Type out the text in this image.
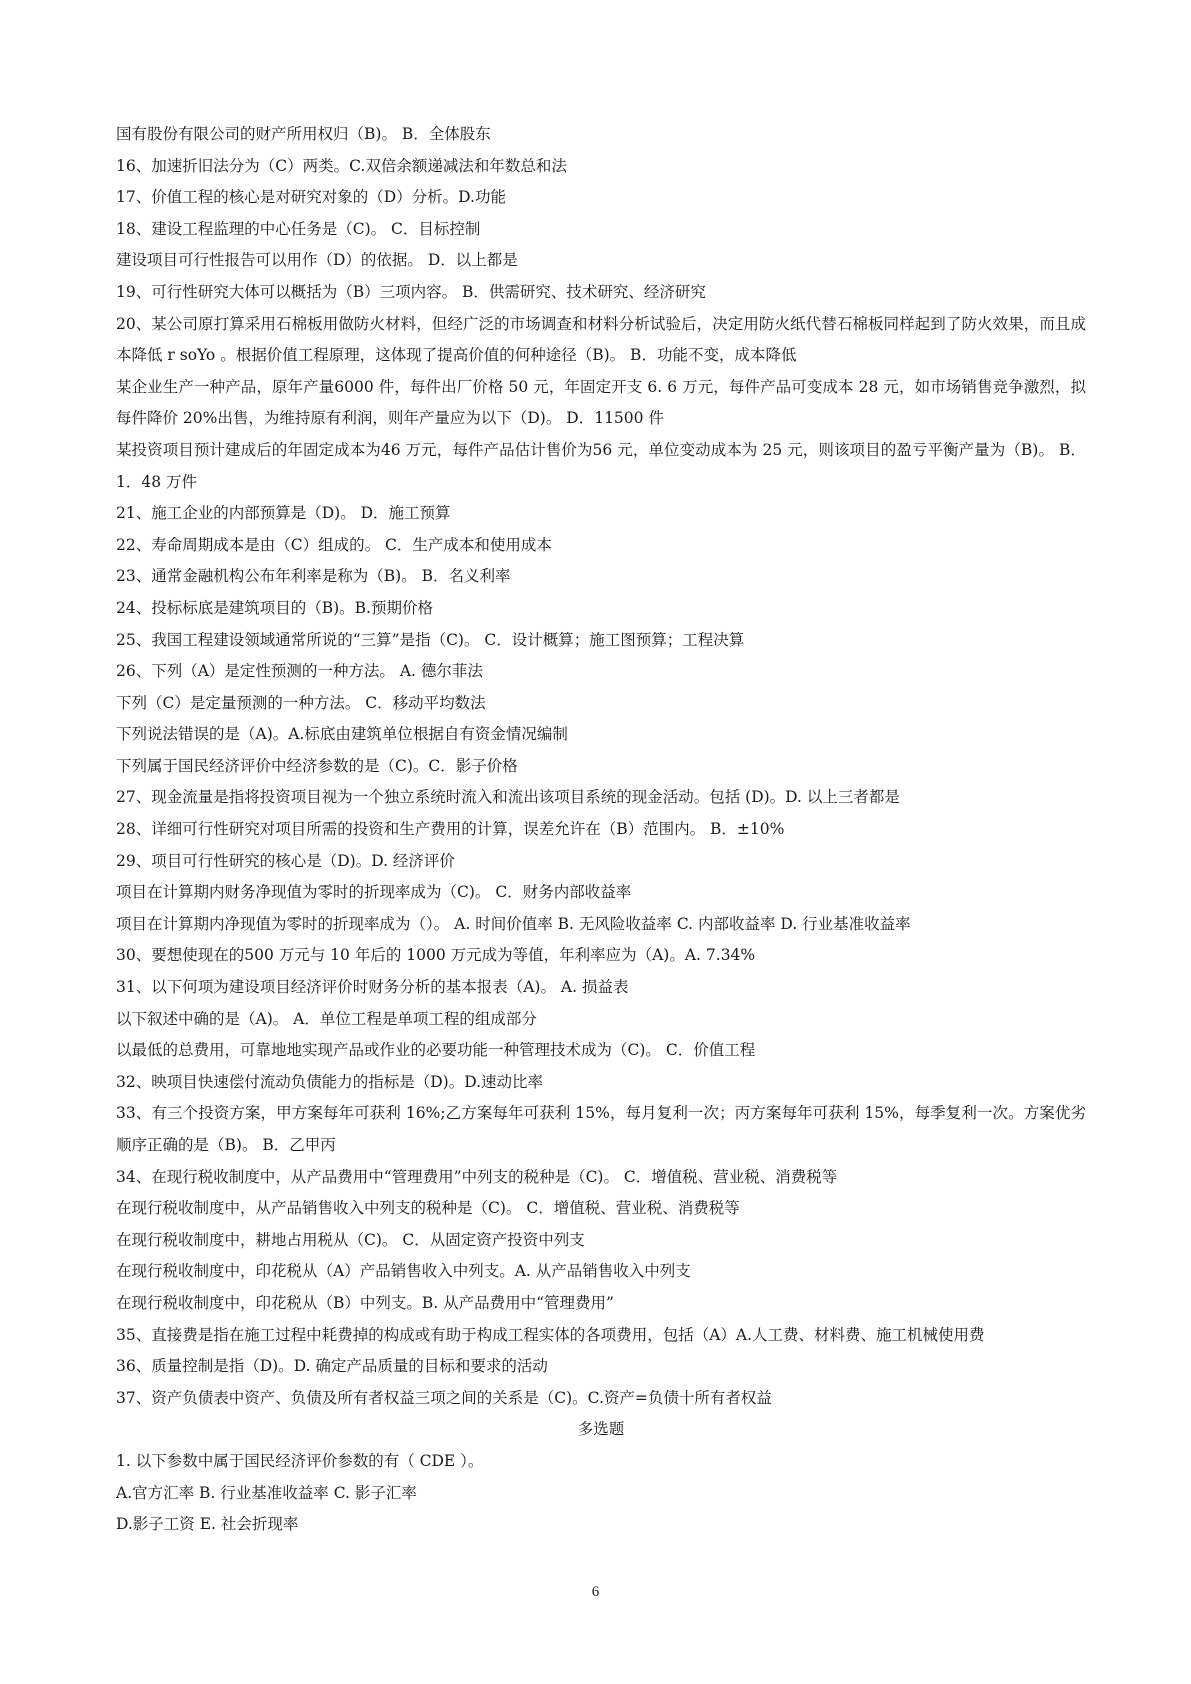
国有股份有限公司的财产所用权归（B)。 B．全体股东
16、加速折旧法分为（C）两类。C.双倍余额递减法和年数总和法
17、价值工程的核心是对研究对象的（D）分析。D.功能
18、建设工程监理的中心任务是（C)。 C．目标控制
建设项目可行性报告可以用作（D）的依据。 D．以上都是
19、可行性研究大体可以概括为（B）三项内容。 B．供需研究、技术研究、经济研究
20、某公司原打算采用石棉板用做防火材料，但经广泛的市场调查和材料分析试验后，决定用防火纸代替石棉板同样起到了防火效果，而且成本降低 r soYo 。根据价值工程原理，这体现了提高价值的何种途径（B)。 B．功能不变，成本降低
某企业生产一种产品，原年产量6000 件，每件出厂价格 50 元，年固定开支 6. 6 万元，每件产品可变成本 28 元，如市场销售竞争激烈，拟每件降价 20%出售，为维持原有利润，则年产量应为以下（D)。 D．11500 件
某投资项目预计建成后的年固定成本为46 万元，每件产品估计售价为56 元，单位变动成本为 25 元，则该项目的盈亏平衡产量为（B)。 B．1．48 万件
21、施工企业的内部预算是（D)。 D．施工预算
22、寿命周期成本是由（C）组成的。 C．生产成本和使用成本
23、通常金融机构公布年利率是称为（B)。 B．名义利率
24、投标标底是建筑项目的（B)。B.预期价格
25、我国工程建设领域通常所说的“三算”是指（C)。 C．设计概算；施工图预算；工程决算
26、下列（A）是定性预测的一种方法。 A. 德尔菲法
下列（C）是定量预测的一种方法。 C．移动平均数法
下列说法错误的是（A)。A.标底由建筑单位根据自有资金情况编制
下列属于国民经济评价中经济参数的是（C)。C．影子价格
27、现金流量是指将投资项目视为一个独立系统时流入和流出该项目系统的现金活动。包括 (D)。D. 以上三者都是
28、详细可行性研究对项目所需的投资和生产费用的计算，误差允许在（B）范围内。 B．±10%
29、项目可行性研究的核心是（D)。D. 经济评价
项目在计算期内财务净现值为零时的折现率成为（C)。 C．财务内部收益率
项目在计算期内净现值为零时的折现率成为（）。 A. 时间价值率 B. 无风险收益率 C. 内部收益率 D. 行业基准收益率
30、要想使现在的500 万元与 10 年后的 1000 万元成为等值，年利率应为（A)。A. 7.34%
31、以下何项为建设项目经济评价时财务分析的基本报表（A)。 A. 损益表
以下叙述中确的是（A)。 A．单位工程是单项工程的组成部分
以最低的总费用，可靠地地实现产品或作业的必要功能一种管理技术成为（C)。 C．价值工程
32、映项目快速偿付流动负债能力的指标是（D)。D.速动比率
33、有三个投资方案，甲方案每年可获利 16%;乙方案每年可获利 15%，每月复利一次；丙方案每年可获利 15%，每季复利一次。方案优劣顺序正确的是（B)。 B．乙甲丙
34、在现行税收制度中，从产品费用中“管理费用”中列支的税种是（C)。 C．增值税、营业税、消费税等
在现行税收制度中，从产品销售收入中列支的税种是（C)。 C．增值税、营业税、消费税等
在现行税收制度中，耕地占用税从（C)。 C．从固定资产投资中列支
在现行税收制度中，印花税从（A）产品销售收入中列支。A. 从产品销售收入中列支
在现行税收制度中，印花税从（B）中列支。B. 从产品费用中“管理费用”
35、直接费是指在施工过程中耗费掉的构成或有助于构成工程实体的各项费用，包括（A）A.人工费、材料费、施工机械使用费
36、质量控制是指（D)。D. 确定产品质量的目标和要求的活动
37、资产负债表中资产、负债及所有者权益三项之间的关系是（C)。C.资产=负债十所有者权益
多选题
1. 以下参数中属于国民经济评价参数的有（ CDE ）。
A.官方汇率 B. 行业基准收益率 C. 影子汇率
D.影子工资 E. 社会折现率
6
